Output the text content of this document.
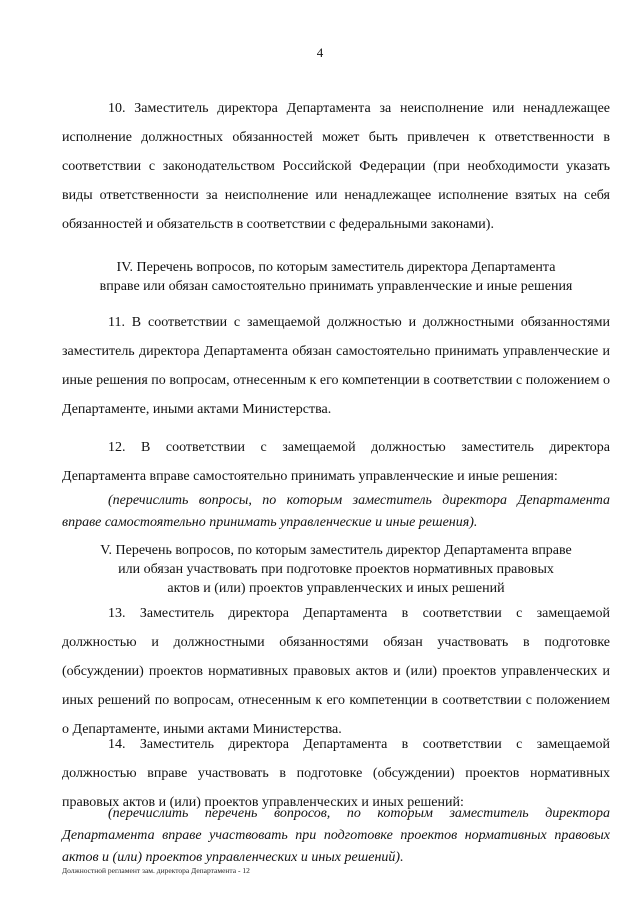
4

10. Заместитель директора Департамента за неисполнение или ненадлежащее исполнение должностных обязанностей может быть привлечен к ответственности в соответствии с законодательством Российской Федерации (при необходимости указать виды ответственности за неисполнение или ненадлежащее исполнение взятых на себя обязанностей и обязательств в соответствии с федеральными законами).

IV. Перечень вопросов, по которым заместитель директора Департамента
вправе или обязан самостоятельно принимать управленческие и иные решения

11. В соответствии с замещаемой должностью и должностными обязанностями заместитель директора Департамента обязан самостоятельно принимать управленческие и иные решения по вопросам, отнесенным к его компетенции в соответствии с положением о Департаменте, иными актами Министерства.

12. В соответствии с замещаемой должностью заместитель директора Департамента вправе самостоятельно принимать управленческие и иные решения:

(перечислить вопросы, по которым заместитель директора Департамента вправе самостоятельно принимать управленческие и иные решения).

V. Перечень вопросов, по которым заместитель директор Департамента вправе
или обязан участвовать при подготовке проектов нормативных правовых
актов и (или) проектов управленческих и иных решений

13. Заместитель директора Департамента в соответствии с замещаемой должностью и должностными обязанностями обязан участвовать в подготовке (обсуждении) проектов нормативных правовых актов и (или) проектов управленческих и иных решений по вопросам, отнесенным к его компетенции в соответствии с положением о Департаменте, иными актами Министерства.

14. Заместитель директора Департамента в соответствии с замещаемой должностью вправе участвовать в подготовке (обсуждении) проектов нормативных правовых актов и (или) проектов управленческих и иных решений:

(перечислить перечень вопросов, по которым заместитель директора Департамента вправе участвовать при подготовке проектов нормативных правовых актов и (или) проектов управленческих и иных решений).

Должностной регламент зам. директора Департамента - 12
